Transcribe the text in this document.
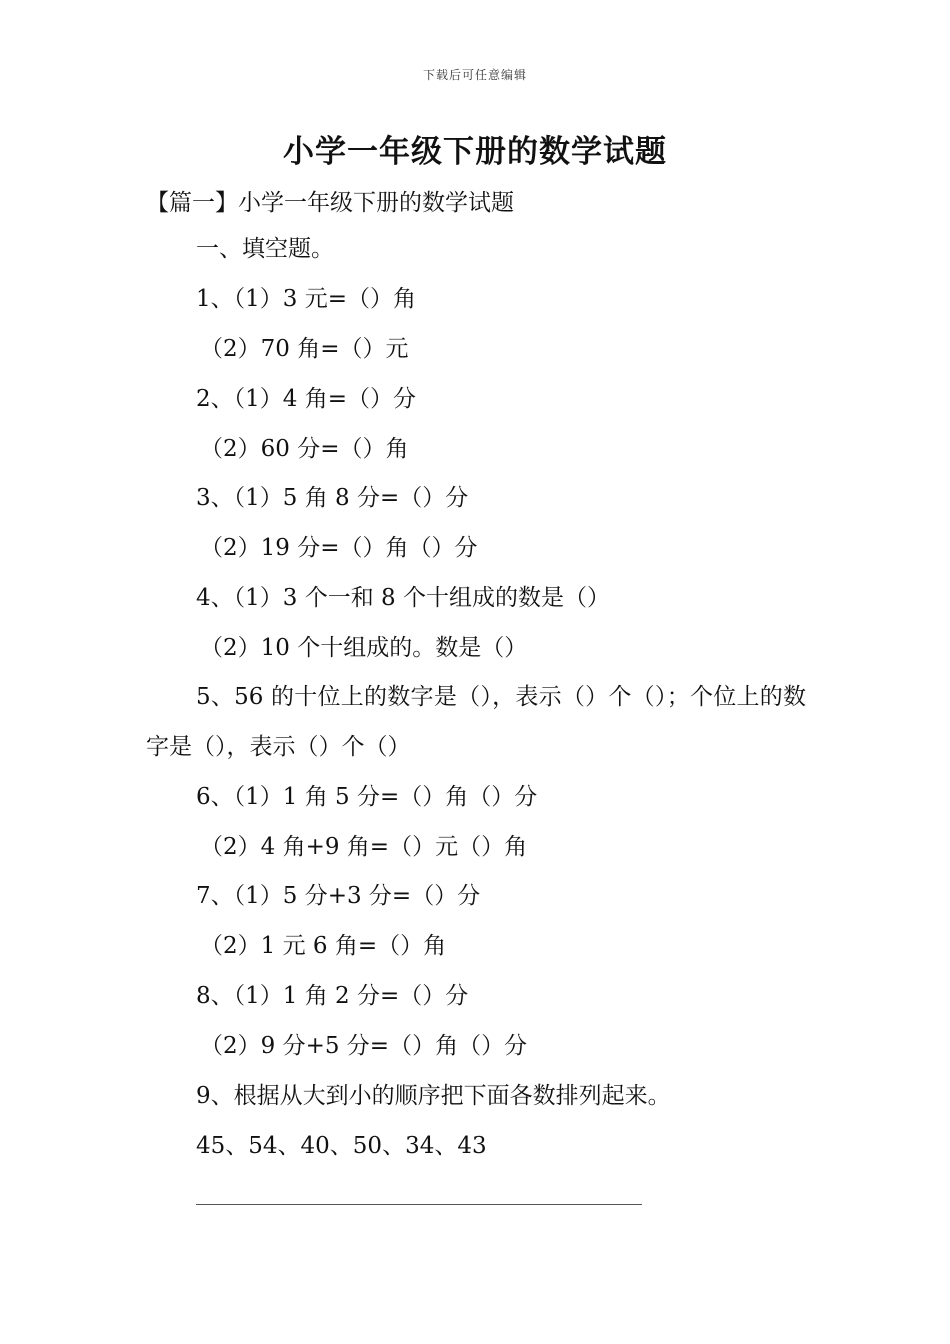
下载后可任意编辑
小学一年级下册的数学试题
【篇一】小学一年级下册的数学试题
一、填空题。
1、（1）3 元=（）角
（2）70 角=（）元
2、（1）4 角=（）分
（2）60 分=（）角
3、（1）5 角 8 分=（）分
（2）19 分=（）角（）分
4、（1）3 个一和 8 个十组成的数是（）
（2）10 个十组成的。数是（）
5、56 的十位上的数字是（），表示（）个（）；个位上的数字是（），表示（）个（）
6、（1）1 角 5 分=（）角（）分
（2）4 角+9 角=（）元（）角
7、（1）5 分+3 分=（）分
（2）1 元 6 角=（）角
8、（1）1 角 2 分=（）分
（2）9 分+5 分=（）角（）分
9、根据从大到小的顺序把下面各数排列起来。
45、54、40、50、34、43
